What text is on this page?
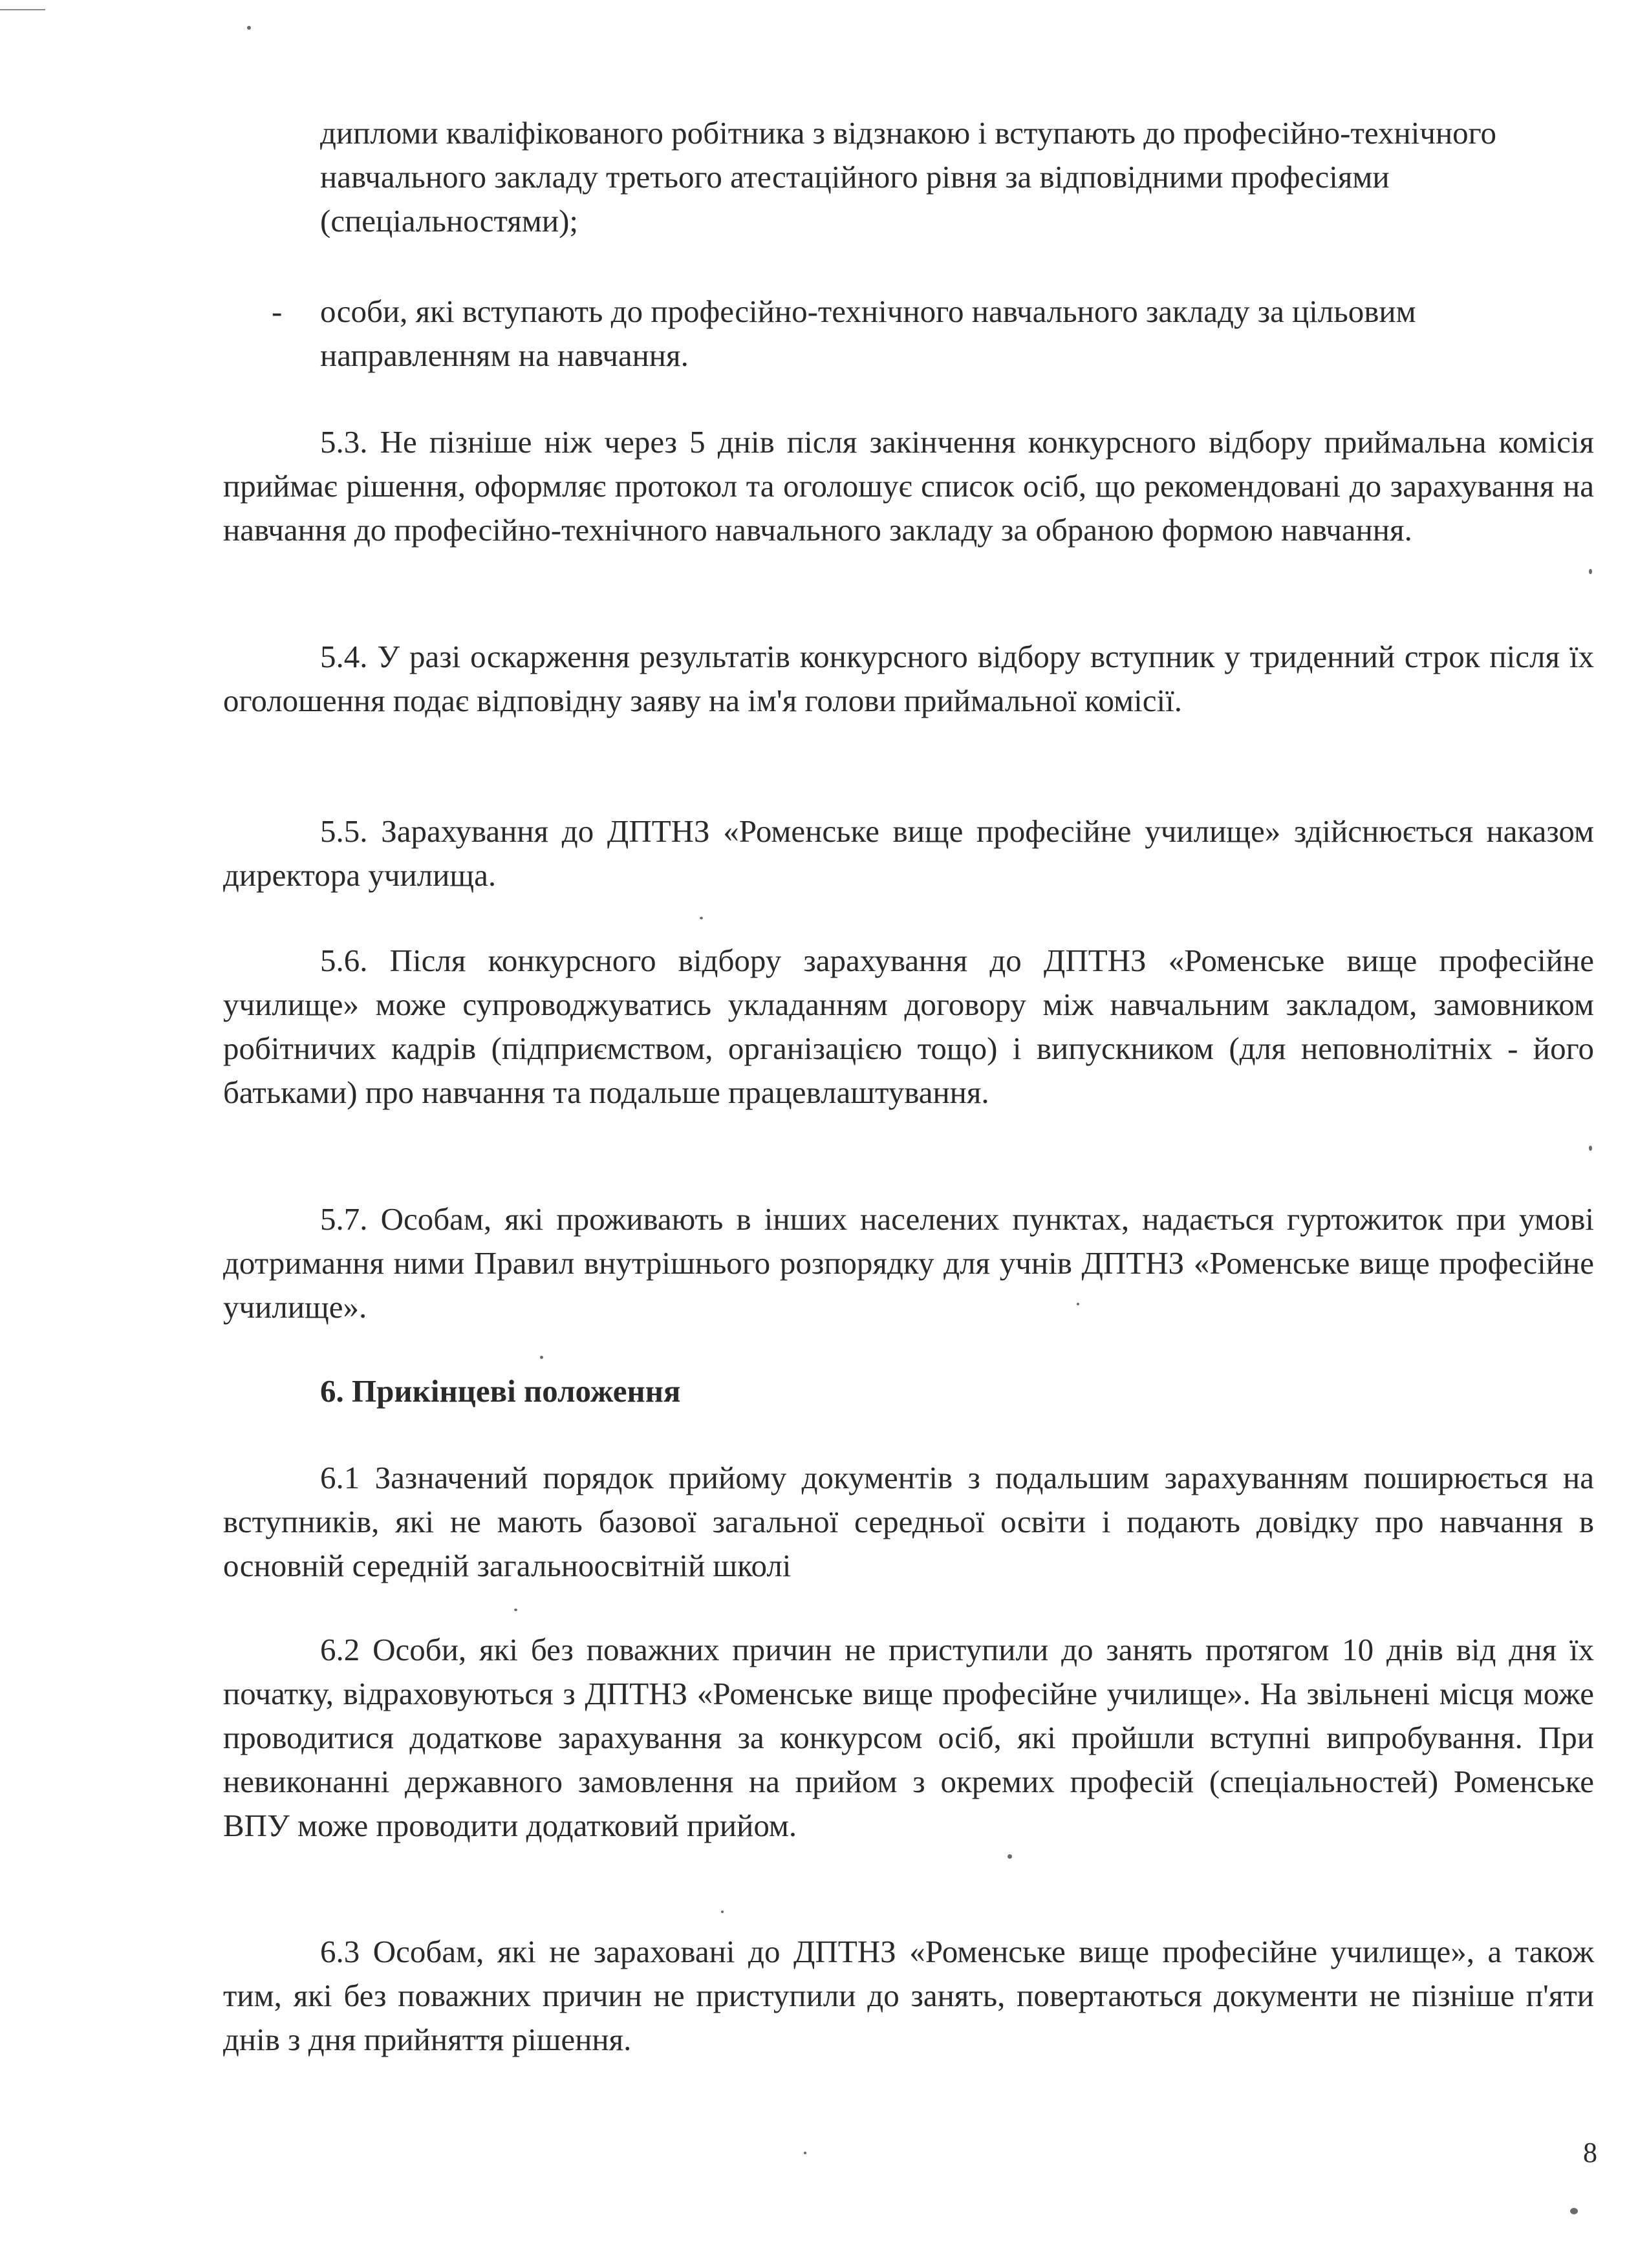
дипломи кваліфікованого робітника з відзнакою і вступають до професійно-технічного навчального закладу третього атестаційного рівня за відповідними професіями (спеціальностями);

- особи, які вступають до професійно-технічного навчального закладу за цільовим направленням на навчання.

5.3. Не пізніше ніж через 5 днів після закінчення конкурсного відбору приймальна комісія приймає рішення, оформляє протокол та оголошує список осіб, що рекомендовані до зарахування на навчання до професійно-технічного навчального закладу за обраною формою навчання.

5.4. У разі оскарження результатів конкурсного відбору вступник у триденний строк після їх оголошення подає відповідну заяву на ім'я голови приймальної комісії.

5.5. Зарахування до ДПТНЗ «Роменське вище професійне училище» здійснюється наказом директора училища.

5.6. Після конкурсного відбору зарахування до ДПТНЗ «Роменське вище професійне училище» може супроводжуватись укладанням договору між навчальним закладом, замовником робітничих кадрів (підприємством, організацією тощо) і випускником (для неповнолітніх - його батьками) про навчання та подальше працевлаштування.

5.7. Особам, які проживають в інших населених пунктах, надається гуртожиток при умові дотримання ними Правил внутрішнього розпорядку для учнів ДПТНЗ «Роменське вище професійне училище».

6. Прикінцеві положення

6.1 Зазначений порядок прийому документів з подальшим зарахуванням поширюється на вступників, які не мають базової загальної середньої освіти і подають довідку про навчання в основній середній загальноосвітній школі

6.2 Особи, які без поважних причин не приступили до занять протягом 10 днів від дня їх початку, відраховуються з ДПТНЗ «Роменське вище професійне училище». На звільнені місця може проводитися додаткове зарахування за конкурсом осіб, які пройшли вступні випробування. При невиконанні державного замовлення на прийом з окремих професій (спеціальностей) Роменське ВПУ може проводити додатковий прийом.

6.3 Особам, які не зараховані до ДПТНЗ «Роменське вище професійне училище», а також тим, які без поважних причин не приступили до занять, повертаються документи не пізніше п'яти днів з дня прийняття рішення.

8
